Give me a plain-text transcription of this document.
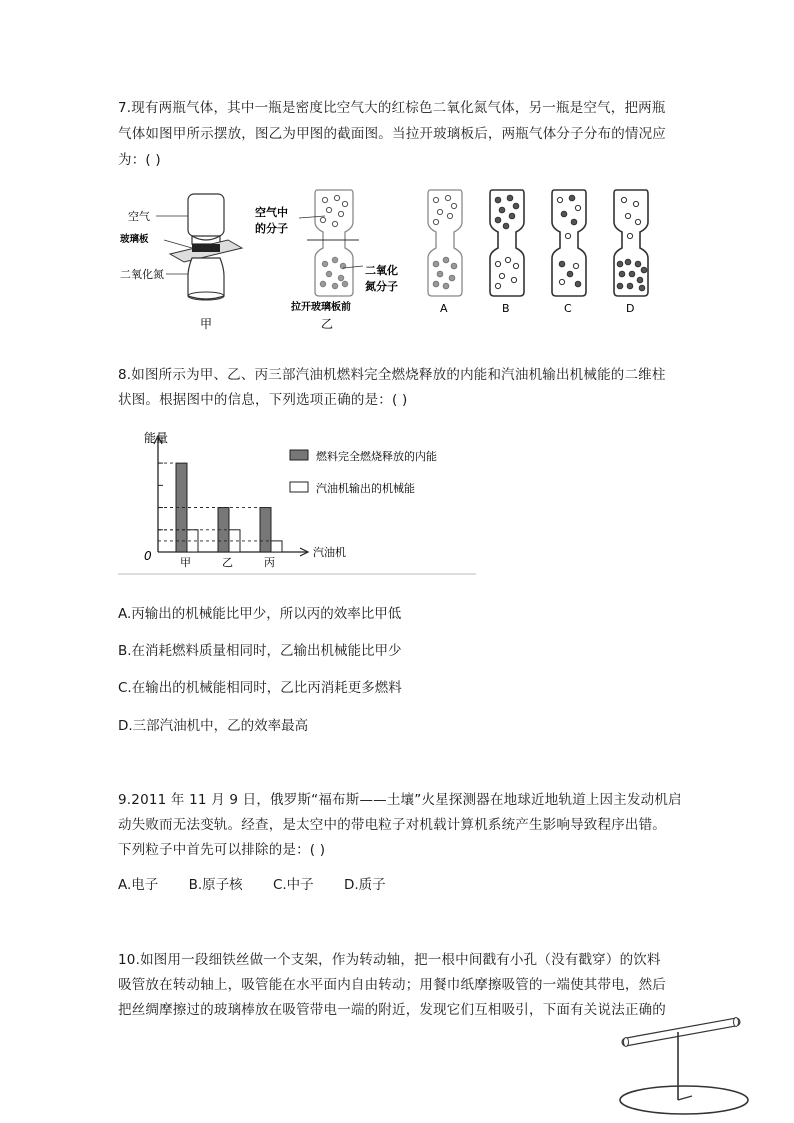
7.现有两瓶气体，其中一瓶是密度比空气大的红棕色二氧化氮气体，另一瓶是空气，把两瓶
气体如图甲所示摆放，图乙为甲图的截面图。当拉开玻璃板后，两瓶气体分子分布的情况应
为：( )
空气
玻璃板
二氧化氮
甲
空气中
的分子
二氧化
氮分子
拉开玻璃板前
乙
A	B	C	D
8.如图所示为甲、乙、丙三部汽油机燃料完全燃烧释放的内能和汽油机输出机械能的二维柱
状图。根据图中的信息，下列选项正确的是：( )
能量
0	汽油机
甲	乙	丙
燃料完全燃烧释放的内能
汽油机输出的机械能
A.丙输出的机械能比甲少，所以丙的效率比甲低
B.在消耗燃料质量相同时，乙输出机械能比甲少
C.在输出的机械能相同时，乙比丙消耗更多燃料
D.三部汽油机中，乙的效率最高
9.2011 年 11 月 9 日，俄罗斯“福布斯——土壤”火星探测器在地球近地轨道上因主发动机启
动失败而无法变轨。经查，是太空中的带电粒子对机载计算机系统产生影响导致程序出错。
下列粒子中首先可以排除的是：( )
A.电子 B.原子核 C.中子 D.质子
10.如图用一段细铁丝做一个支架，作为转动轴，把一根中间戳有小孔（没有戳穿）的饮料
吸管放在转动轴上，吸管能在水平面内自由转动；用餐巾纸摩擦吸管的一端使其带电，然后
把丝绸摩擦过的玻璃棒放在吸管带电一端的附近，发现它们互相吸引，下面有关说法正确的
